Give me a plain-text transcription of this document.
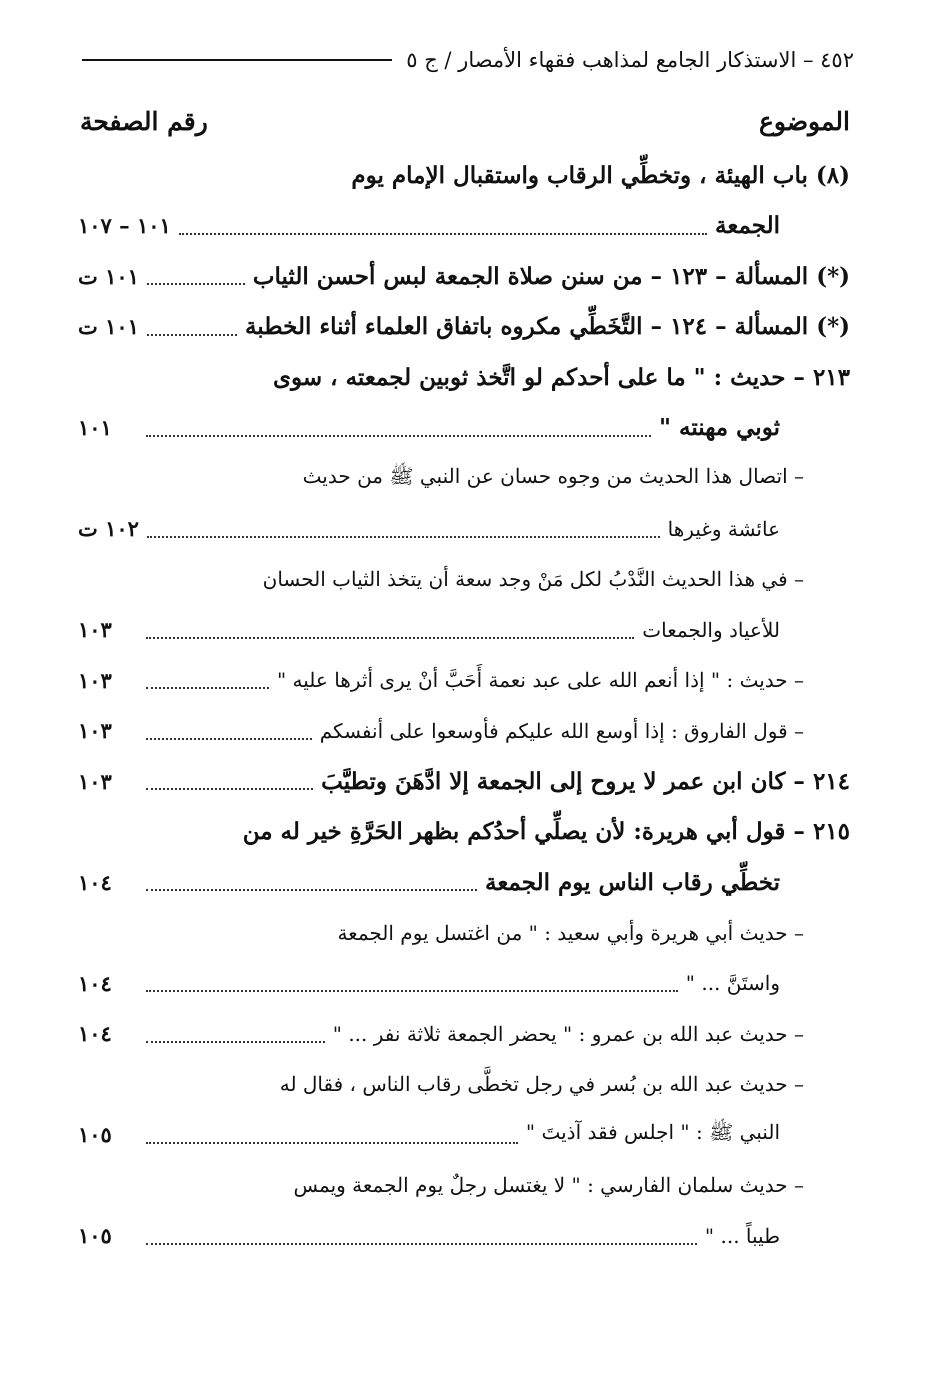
٤٥٢ – الاستذكار الجامع لمذاهب فقهاء الأمصار / ج ٥
الموضوع
رقم الصفحة
(٨) باب الهيئة ، وتخطِّي الرقاب واستقبال الإمام يوم
الجمعة
١٠١ – ١٠٧
(*) المسألة – ١٢٣ – من سنن صلاة الجمعة لبس أحسن الثياب
١٠١ ت
(*) المسألة – ١٢٤ – التَّخَطِّي مكروه باتفاق العلماء أثناء الخطبة
١٠١ ت
٢١٣ – حديث : " ما على أحدكم لو اتَّخذ ثوبين لجمعته ، سوى
ثوبي مهنته "
١٠١
– اتصال هذا الحديث من وجوه حسان عن النبي ﷺ من حديث
عائشة وغيرها
١٠٢ ت
– في هذا الحديث النَّدْبُ لكل مَنْ وجد سعة أن يتخذ الثياب الحسان
للأعياد والجمعات
١٠٣
– حديث : " إذا أنعم الله على عبد نعمة أَحَبَّ أنْ يرى أثرها عليه "
١٠٣
– قول الفاروق : إذا أوسع الله عليكم فأوسعوا على أنفسكم
١٠٣
٢١٤ – كان ابن عمر لا يروح إلى الجمعة إلا ادَّهَنَ وتطيَّبَ
١٠٣
٢١٥ – قول أبي هريرة: لأن يصلِّي أحدُكم بظهر الحَرَّةِ خير له من
تخطِّي رقاب الناس يوم الجمعة
١٠٤
– حديث أبي هريرة وأبي سعيد : " من اغتسل يوم الجمعة
واستَنَّ ... "
١٠٤
– حديث عبد الله بن عمرو : " يحضر الجمعة ثلاثة نفر ... "
١٠٤
– حديث عبد الله بن بُسر في رجل تخطَّى رقاب الناس ، فقال له
النبي ﷺ : " اجلس فقد آذيتَ "
١٠٥
– حديث سلمان الفارسي : " لا يغتسل رجلٌ يوم الجمعة ويمس
طيباً ... "
١٠٥
